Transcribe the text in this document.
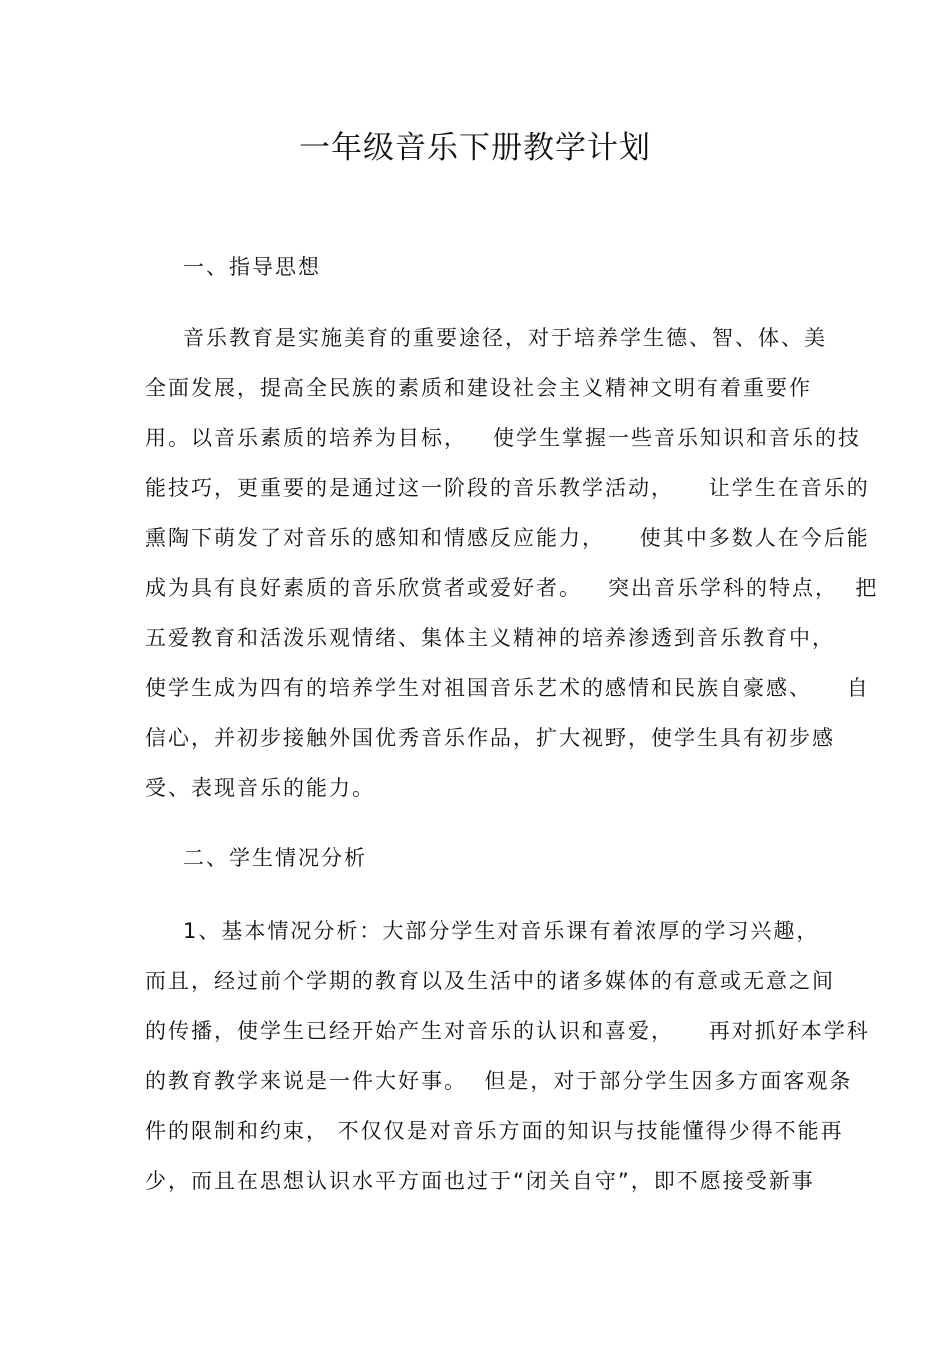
一年级音乐下册教学计划
一、指导思想
二、学生情况分析
音乐教育是实施美育的重要途径，对于培养学生德、智、体、美
全面发展，提高全民族的素质和建设社会主义精神文明有着重要作
用。以音乐素质的培养为目标，   使学生掌握一些音乐知识和音乐的技
能技巧，更重要的是通过这一阶段的音乐教学活动，    让学生在音乐的
熏陶下萌发了对音乐的感知和情感反应能力，    使其中多数人在今后能
成为具有良好素质的音乐欣赏者或爱好者。   突出音乐学科的特点，  把
五爱教育和活泼乐观情绪、集体主义精神的培养渗透到音乐教育中，
使学生成为四有的培养学生对祖国音乐艺术的感情和民族自豪感、    自
信心，并初步接触外国优秀音乐作品，扩大视野，使学生具有初步感
受、表现音乐的能力。
1、基本情况分析：大部分学生对音乐课有着浓厚的学习兴趣，
而且，经过前个学期的教育以及生活中的诸多媒体的有意或无意之间
的传播，使学生已经开始产生对音乐的认识和喜爱，    再对抓好本学科
的教育教学来说是一件大好事。  但是，对于部分学生因多方面客观条
件的限制和约束， 不仅仅是对音乐方面的知识与技能懂得少得不能再
少，而且在思想认识水平方面也过于“闭关自守”，即不愿接受新事
